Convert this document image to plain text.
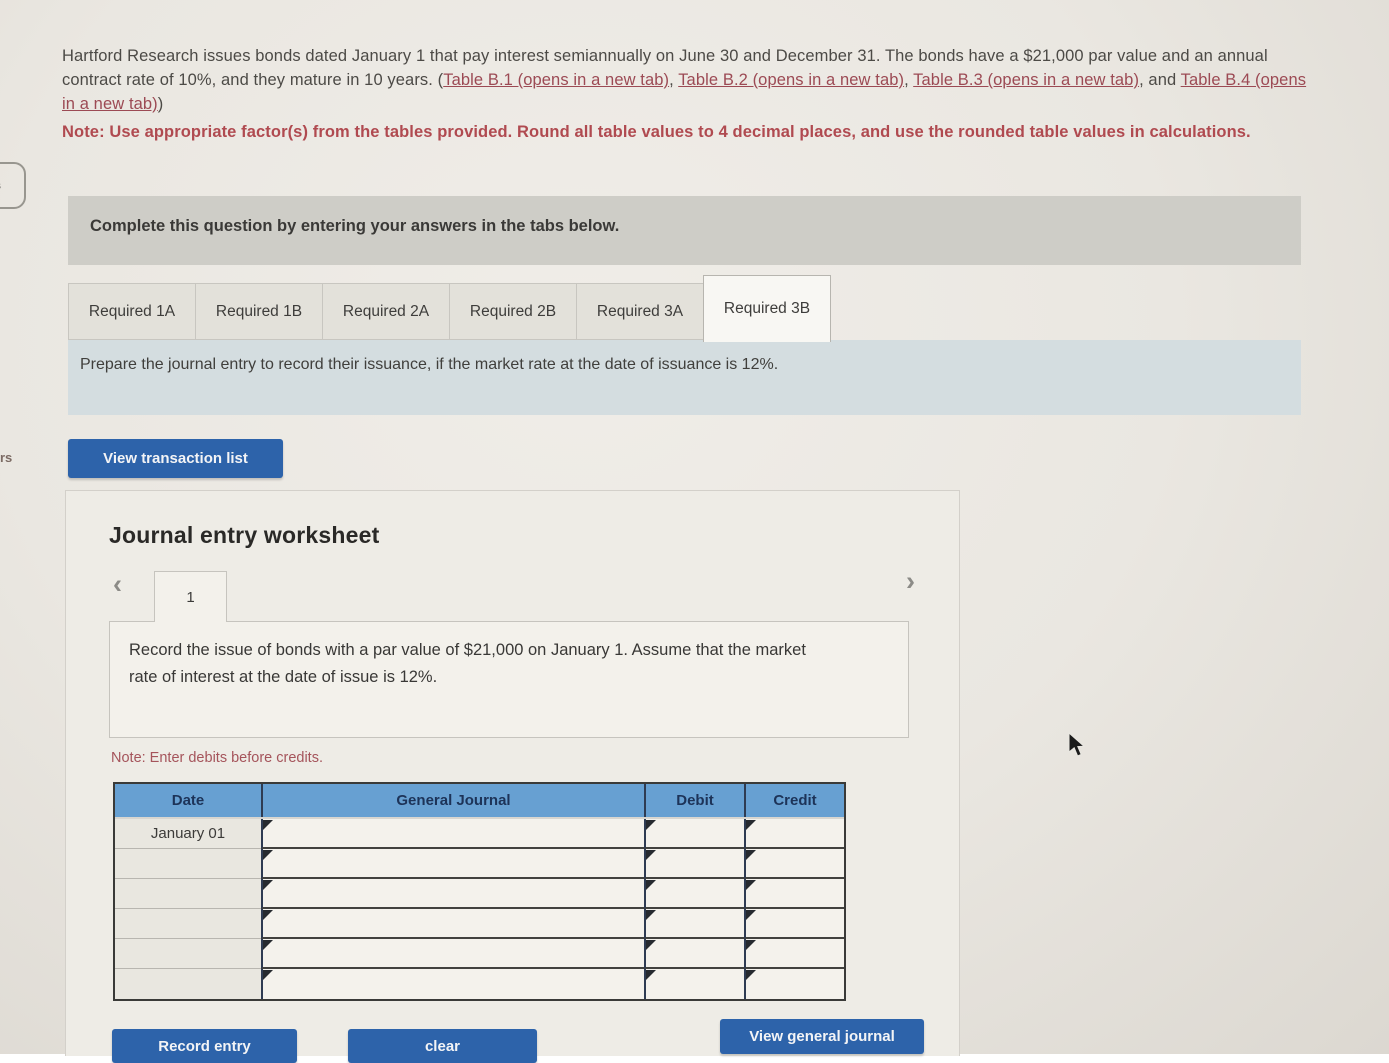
Hartford Research issues bonds dated January 1 that pay interest semiannually on June 30 and December 31. The bonds have a $21,000 par value and an annual contract rate of 10%, and they mature in 10 years. (Table B.1 (opens in a new tab), Table B.2 (opens in a new tab), Table B.3 (opens in a new tab), and Table B.4 (opens in a new tab))
Note: Use appropriate factor(s) from the tables provided. Round all table values to 4 decimal places, and use the rounded table values in calculations.
rs
Complete this question by entering your answers in the tabs below.
Required 1A	Required 1B	Required 2A	Required 2B	Required 3A	Required 3B
Prepare the journal entry to record their issuance, if the market rate at the date of issuance is 12%.
View transaction list
Journal entry worksheet
‹	1
›
Record the issue of bonds with a par value of $21,000 on January 1. Assume that the market rate of interest at the date of issue is 12%.
Note: Enter debits before credits.
Date	General Journal	Debit	Credit
January 01
Record entry	clear
View general journal
